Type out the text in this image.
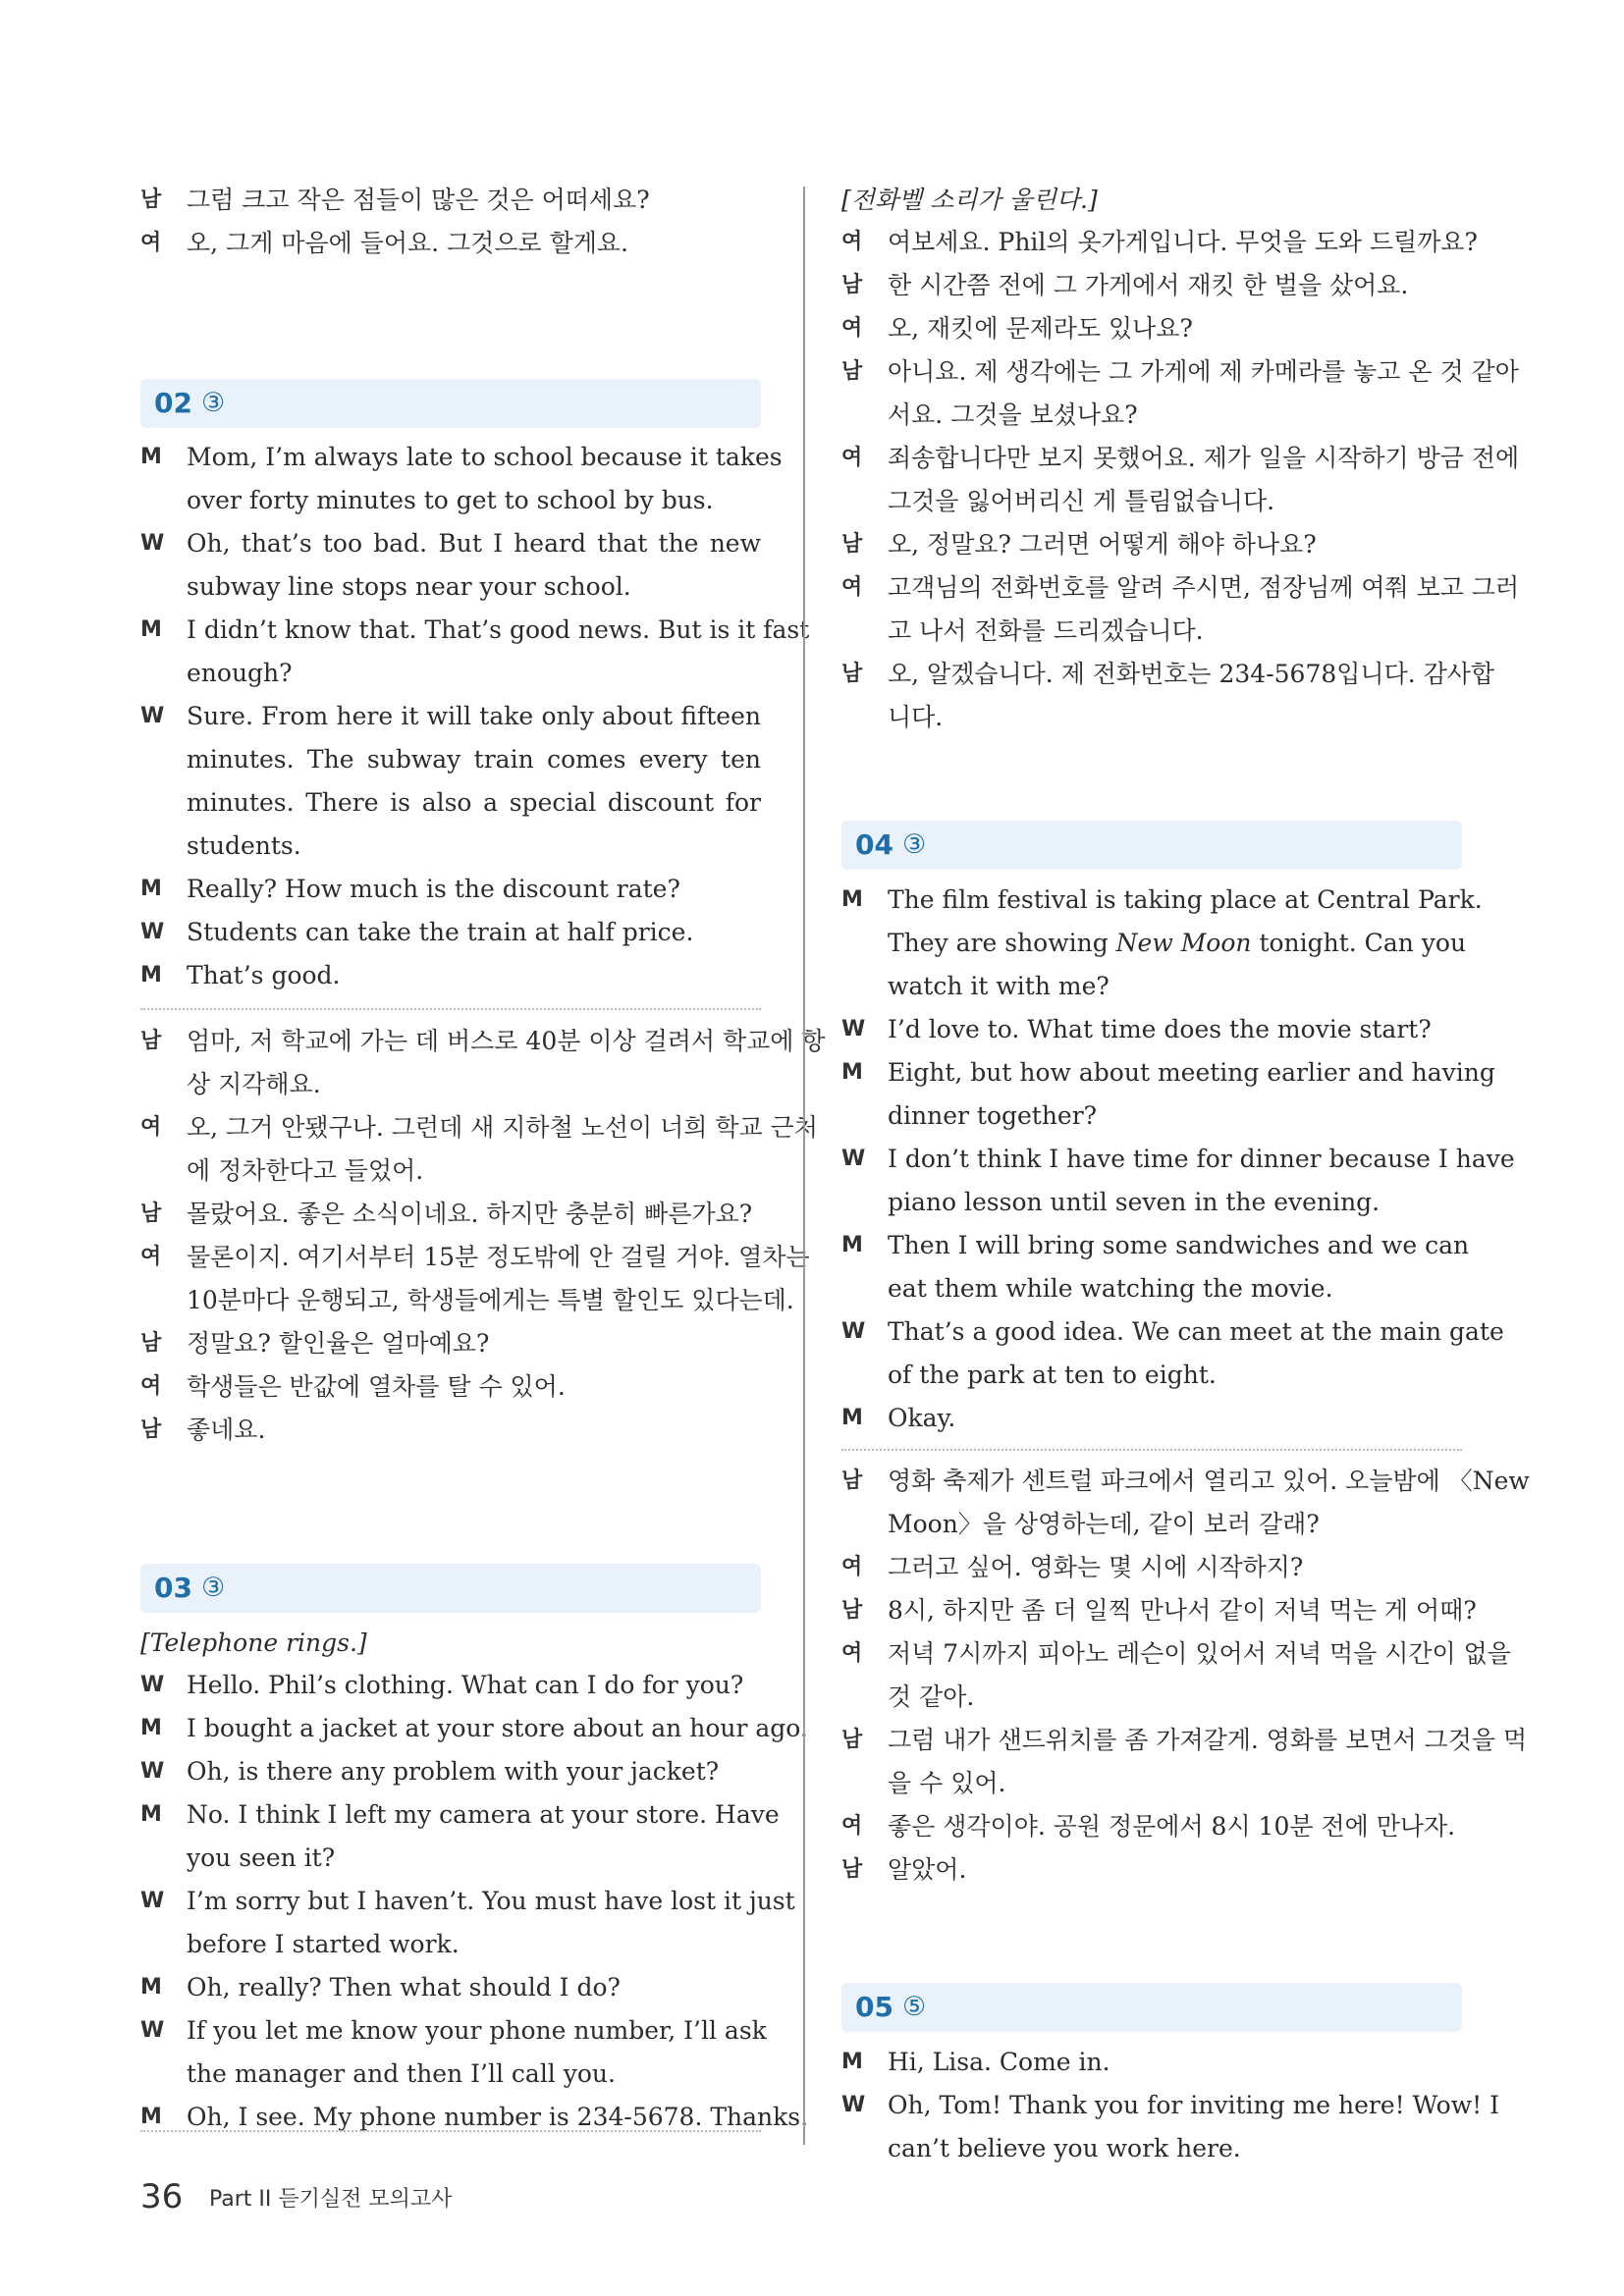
남 그럼 크고 작은 점들이 많은 것은 어떠세요?
여 오, 그게 마음에 들어요. 그것으로 할게요.
02 ③
M Mom, I’m always late to school because it takes
over forty minutes to get to school by bus.
W Oh, that’s too bad. But I heard that the new
subway line stops near your school.
M I didn’t know that. That’s good news. But is it fast
enough?
W Sure. From here it will take only about fifteen
minutes. The subway train comes every ten
minutes. There is also a special discount for
students.
M Really? How much is the discount rate?
W Students can take the train at half price.
M That’s good.
남 엄마, 저 학교에 가는 데 버스로 40분 이상 걸려서 학교에 항
상 지각해요.
여 오, 그거 안됐구나. 그런데 새 지하철 노선이 너희 학교 근처
에 정차한다고 들었어.
남 몰랐어요. 좋은 소식이네요. 하지만 충분히 빠른가요?
여 물론이지. 여기서부터 15분 정도밖에 안 걸릴 거야. 열차는
10분마다 운행되고, 학생들에게는 특별 할인도 있다는데.
남 정말요? 할인율은 얼마예요?
여 학생들은 반값에 열차를 탈 수 있어.
남 좋네요.
03 ③
[Telephone rings.]
W Hello. Phil’s clothing. What can I do for you?
M I bought a jacket at your store about an hour ago.
W Oh, is there any problem with your jacket?
M No. I think I left my camera at your store. Have
you seen it?
W I’m sorry but I haven’t. You must have lost it just
before I started work.
M Oh, really? Then what should I do?
W If you let me know your phone number, I’ll ask
the manager and then I’ll call you.
M Oh, I see. My phone number is 234-5678. Thanks.
[전화벨 소리가 울린다.]
여 여보세요. Phil의 옷가게입니다. 무엇을 도와 드릴까요?
남 한 시간쯤 전에 그 가게에서 재킷 한 벌을 샀어요.
여 오, 재킷에 문제라도 있나요?
남 아니요. 제 생각에는 그 가게에 제 카메라를 놓고 온 것 같아
서요. 그것을 보셨나요?
여 죄송합니다만 보지 못했어요. 제가 일을 시작하기 방금 전에
그것을 잃어버리신 게 틀림없습니다.
남 오, 정말요? 그러면 어떻게 해야 하나요?
여 고객님의 전화번호를 알려 주시면, 점장님께 여쭤 보고 그러
고 나서 전화를 드리겠습니다.
남 오, 알겠습니다. 제 전화번호는 234-5678입니다. 감사합
니다.
04 ③
M The film festival is taking place at Central Park.
They are showing New Moon tonight. Can you
watch it with me?
W I’d love to. What time does the movie start?
M Eight, but how about meeting earlier and having
dinner together?
W I don’t think I have time for dinner because I have
piano lesson until seven in the evening.
M Then I will bring some sandwiches and we can
eat them while watching the movie.
W That’s a good idea. We can meet at the main gate
of the park at ten to eight.
M Okay.
남 영화 축제가 센트럴 파크에서 열리고 있어. 오늘밤에 〈New
Moon〉을 상영하는데, 같이 보러 갈래?
여 그러고 싶어. 영화는 몇 시에 시작하지?
남 8시, 하지만 좀 더 일찍 만나서 같이 저녁 먹는 게 어때?
여 저녁 7시까지 피아노 레슨이 있어서 저녁 먹을 시간이 없을
것 같아.
남 그럼 내가 샌드위치를 좀 가져갈게. 영화를 보면서 그것을 먹
을 수 있어.
여 좋은 생각이야. 공원 정문에서 8시 10분 전에 만나자.
남 알았어.
05 ⑤
M Hi, Lisa. Come in.
W Oh, Tom! Thank you for inviting me here! Wow! I
can’t believe you work here.
36 Part II 듣기실전 모의고사
